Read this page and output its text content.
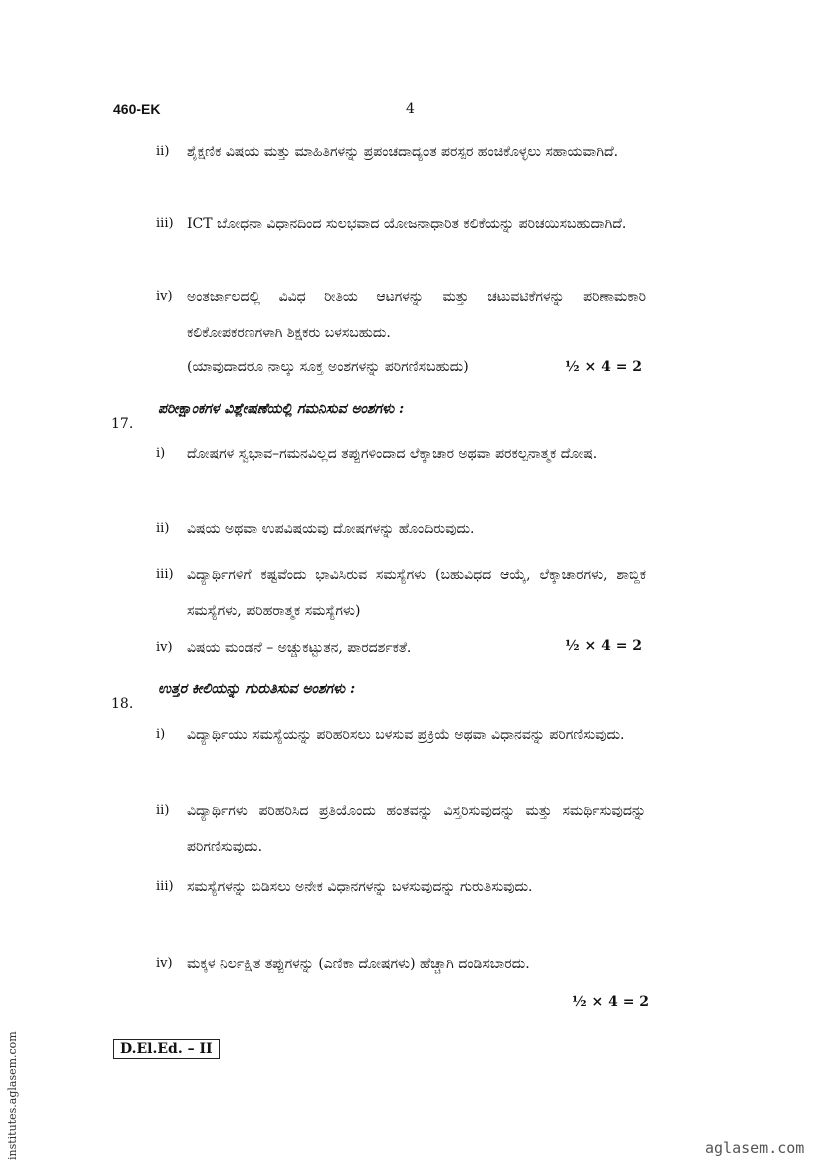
460-EK	4
ii) ಶೈಕ್ಷಣಿಕ ವಿಷಯ ಮತ್ತು ಮಾಹಿತಿಗಳನ್ನು ಪ್ರಪಂಚದಾದ್ಯಂತ ಪರಸ್ಪರ ಹಂಚಿಕೊಳ್ಳಲು ಸಹಾಯವಾಗಿದೆ.
iii) ICT ಬೋಧನಾ ವಿಧಾನದಿಂದ ಸುಲಭವಾದ ಯೋಜನಾಧಾರಿತ ಕಲಿಕೆಯನ್ನು ಪರಿಚಯಿಸಬಹುದಾಗಿದೆ.
iv) ಅಂತರ್ಜಾಲದಲ್ಲಿ ವಿವಿಧ ರೀತಿಯ ಆಟಗಳನ್ನು ಮತ್ತು ಚಟುವಟಿಕೆಗಳನ್ನು ಪರಿಣಾಮಕಾರಿ ಕಲಿಕೋಪಕರಣಗಳಾಗಿ ಶಿಕ್ಷಕರು ಬಳಸಬಹುದು.
(ಯಾವುದಾದರೂ ನಾಲ್ಕು ಸೂಕ್ತ ಅಂಶಗಳನ್ನು ಪರಿಗಣಿಸಬಹುದು)	½ × 4 = 2
17.
ಪರೀಕ್ಷಾಂಕಗಳ ವಿಶ್ಲೇಷಣೆಯಲ್ಲಿ ಗಮನಿಸುವ ಅಂಶಗಳು :
i) ದೋಷಗಳ ಸ್ವಭಾವ–ಗಮನವಿಲ್ಲದ ತಪ್ಪುಗಳಿಂದಾದ ಲೆಕ್ಕಾಚಾರ ಅಥವಾ ಪರಕಲ್ಪನಾತ್ಮಕ ದೋಷ.
ii) ವಿಷಯ ಅಥವಾ ಉಪವಿಷಯವು ದೋಷಗಳನ್ನು ಹೊಂದಿರುವುದು.
iii) ವಿದ್ಯಾರ್ಥಿಗಳಿಗೆ ಕಷ್ಟವೆಂದು ಭಾವಿಸಿರುವ ಸಮಸ್ಯೆಗಳು (ಬಹುವಿಧದ ಆಯ್ಕೆ, ಲೆಕ್ಕಾಚಾರಗಳು, ಶಾಬ್ದಿಕ ಸಮಸ್ಯೆಗಳು, ಪರಿಹರಾತ್ಮಕ ಸಮಸ್ಯೆಗಳು)
iv) ವಿಷಯ ಮಂಡನೆ – ಅಚ್ಚುಕಟ್ಟುತನ, ಪಾರದರ್ಶಕತೆ.	½ × 4 = 2
18.
ಉತ್ತರ ಕೀಲಿಯನ್ನು ಗುರುತಿಸುವ ಅಂಶಗಳು :
i) ವಿದ್ಯಾರ್ಥಿಯು ಸಮಸ್ಯೆಯನ್ನು ಪರಿಹರಿಸಲು ಬಳಸುವ ಪ್ರಕ್ರಿಯೆ ಅಥವಾ ವಿಧಾನವನ್ನು ಪರಿಗಣಿಸುವುದು.
ii) ವಿದ್ಯಾರ್ಥಿಗಳು ಪರಿಹರಿಸಿದ ಪ್ರತಿಯೊಂದು ಹಂತವನ್ನು ವಿಸ್ತರಿಸುವುದನ್ನು ಮತ್ತು ಸಮರ್ಥಿಸುವುದನ್ನು ಪರಿಗಣಿಸುವುದು.
iii) ಸಮಸ್ಯೆಗಳನ್ನು ಬಿಡಿಸಲು ಅನೇಕ ವಿಧಾನಗಳನ್ನು ಬಳಸುವುದನ್ನು ಗುರುತಿಸುವುದು.
iv) ಮಕ್ಕಳ ನಿರ್ಲಕ್ಷಿತ ತಪ್ಪುಗಳನ್ನು (ಎಣಿಕಾ ದೋಷಗಳು) ಹೆಚ್ಚಾಗಿ ದಂಡಿಸಬಾರದು.
½ × 4 = 2
D.El.Ed. – II
institutes.aglasem.com	aglasem.com
